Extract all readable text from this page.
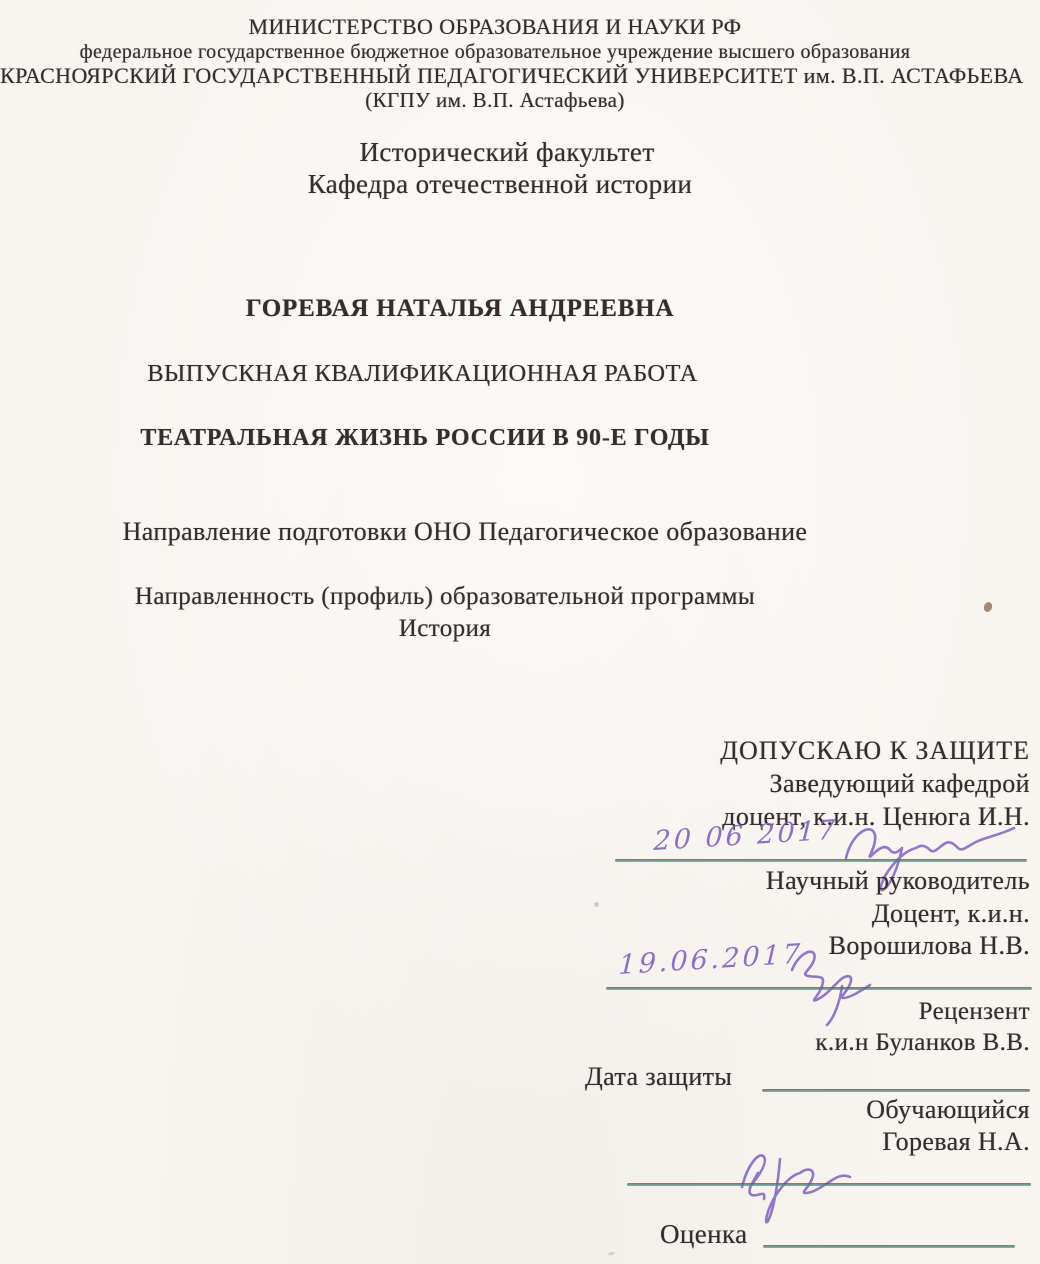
МИНИСТЕРСТВО ОБРАЗОВАНИЯ И НАУКИ РФ
федеральное государственное бюджетное образовательное учреждение высшего образования
КРАСНОЯРСКИЙ ГОСУДАРСТВЕННЫЙ ПЕДАГОГИЧЕСКИЙ УНИВЕРСИТЕТ им. В.П. АСТАФЬЕВА
(КГПУ им. В.П. Астафьева)
Исторический факультет
Кафедра отечественной истории
ГОРЕВАЯ НАТАЛЬЯ АНДРЕЕВНА
ВЫПУСКНАЯ КВАЛИФИКАЦИОННАЯ РАБОТА
ТЕАТРАЛЬНАЯ ЖИЗНЬ РОССИИ В 90-Е ГОДЫ
Направление подготовки ОНО Педагогическое образование
Направленность (профиль) образовательной программы
История
ДОПУСКАЮ К ЗАЩИТЕ
Заведующий кафедрой
доцент, к.и.н. Ценюга И.Н.
20 06 2017
Научный руководитель
Доцент, к.и.н.
Ворошилова Н.В.
19.06.2017
Рецензент
к.и.н Буланков В.В.
Дата защиты
Обучающийся
Горевая Н.А.
Оценка
